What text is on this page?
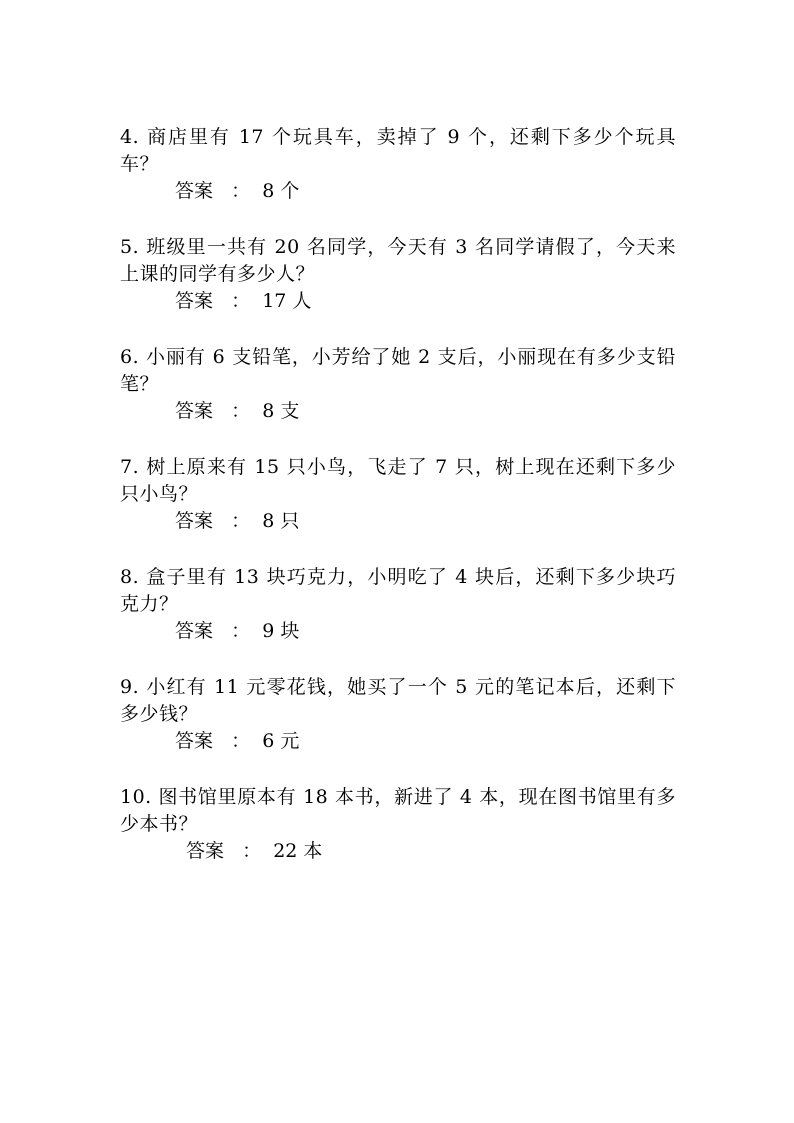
4. 商店里有 17 个玩具车，卖掉了 9 个，还剩下多少个玩具车？

答案   ：  8 个

5. 班级里一共有 20 名同学，今天有 3 名同学请假了，今天来上课的同学有多少人？

答案   ：  17 人

6. 小丽有 6 支铅笔，小芳给了她 2 支后，小丽现在有多少支铅笔？

答案   ：  8 支

7. 树上原来有 15 只小鸟，飞走了 7 只，树上现在还剩下多少只小鸟？

答案   ：  8 只

8. 盒子里有 13 块巧克力，小明吃了 4 块后，还剩下多少块巧克力？

答案   ：  9 块

9. 小红有 11 元零花钱，她买了一个 5 元的笔记本后，还剩下多少钱？

答案   ：  6 元

10. 图书馆里原本有 18 本书，新进了 4 本，现在图书馆里有多少本书？

答案   ：  22 本
